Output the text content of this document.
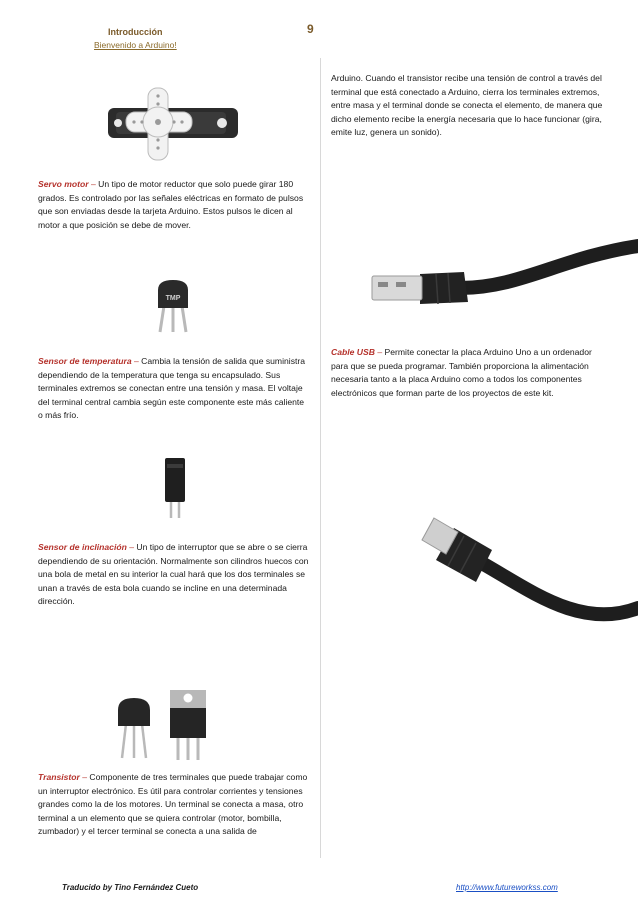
Introducción
Bienvenido a Arduino!
9
Servo motor – Un tipo de motor reductor que solo puede girar 180 grados. Es controlado por las señales eléctricas en formato de pulsos que son enviadas desde la tarjeta Arduino. Estos pulsos le dicen al motor a que posición se debe de mover.
TMP
Sensor de temperatura – Cambia la tensión de salida que suministra dependiendo de la temperatura que tenga su encapsulado. Sus terminales extremos se conectan entre una tensión y masa. El voltaje del terminal central cambia según este componente este más caliente o más frío.
Sensor de inclinación – Un tipo de interruptor que se abre o se cierra dependiendo de su orientación. Normalmente son cilindros huecos con una bola de metal en su interior la cual hará que los dos terminales se unan a través de esta bola cuando se incline en una determinada dirección.
Transistor – Componente de tres terminales que puede trabajar como un interruptor electrónico. Es útil para controlar corrientes y tensiones grandes como la de los motores. Un terminal se conecta a masa, otro terminal a un elemento que se quiera controlar (motor, bombilla, zumbador) y el tercer terminal se conecta a una salida de
Arduino. Cuando el transistor recibe una tensión de control a través del terminal que está conectado a Arduino, cierra los terminales extremos, entre masa y el terminal donde se conecta el elemento, de manera que dicho elemento recibe la energía necesaria que lo hace funcionar (gira, emite luz, genera un sonido).
Cable USB – Permite conectar la placa Arduino Uno a un ordenador para que se pueda programar. También proporciona la alimentación necesaria tanto a la placa Arduino como a todos los componentes electrónicos que forman parte de los proyectos de este kit.
Traducido by Tino Fernández Cueto	http://www.futureworkss.com
